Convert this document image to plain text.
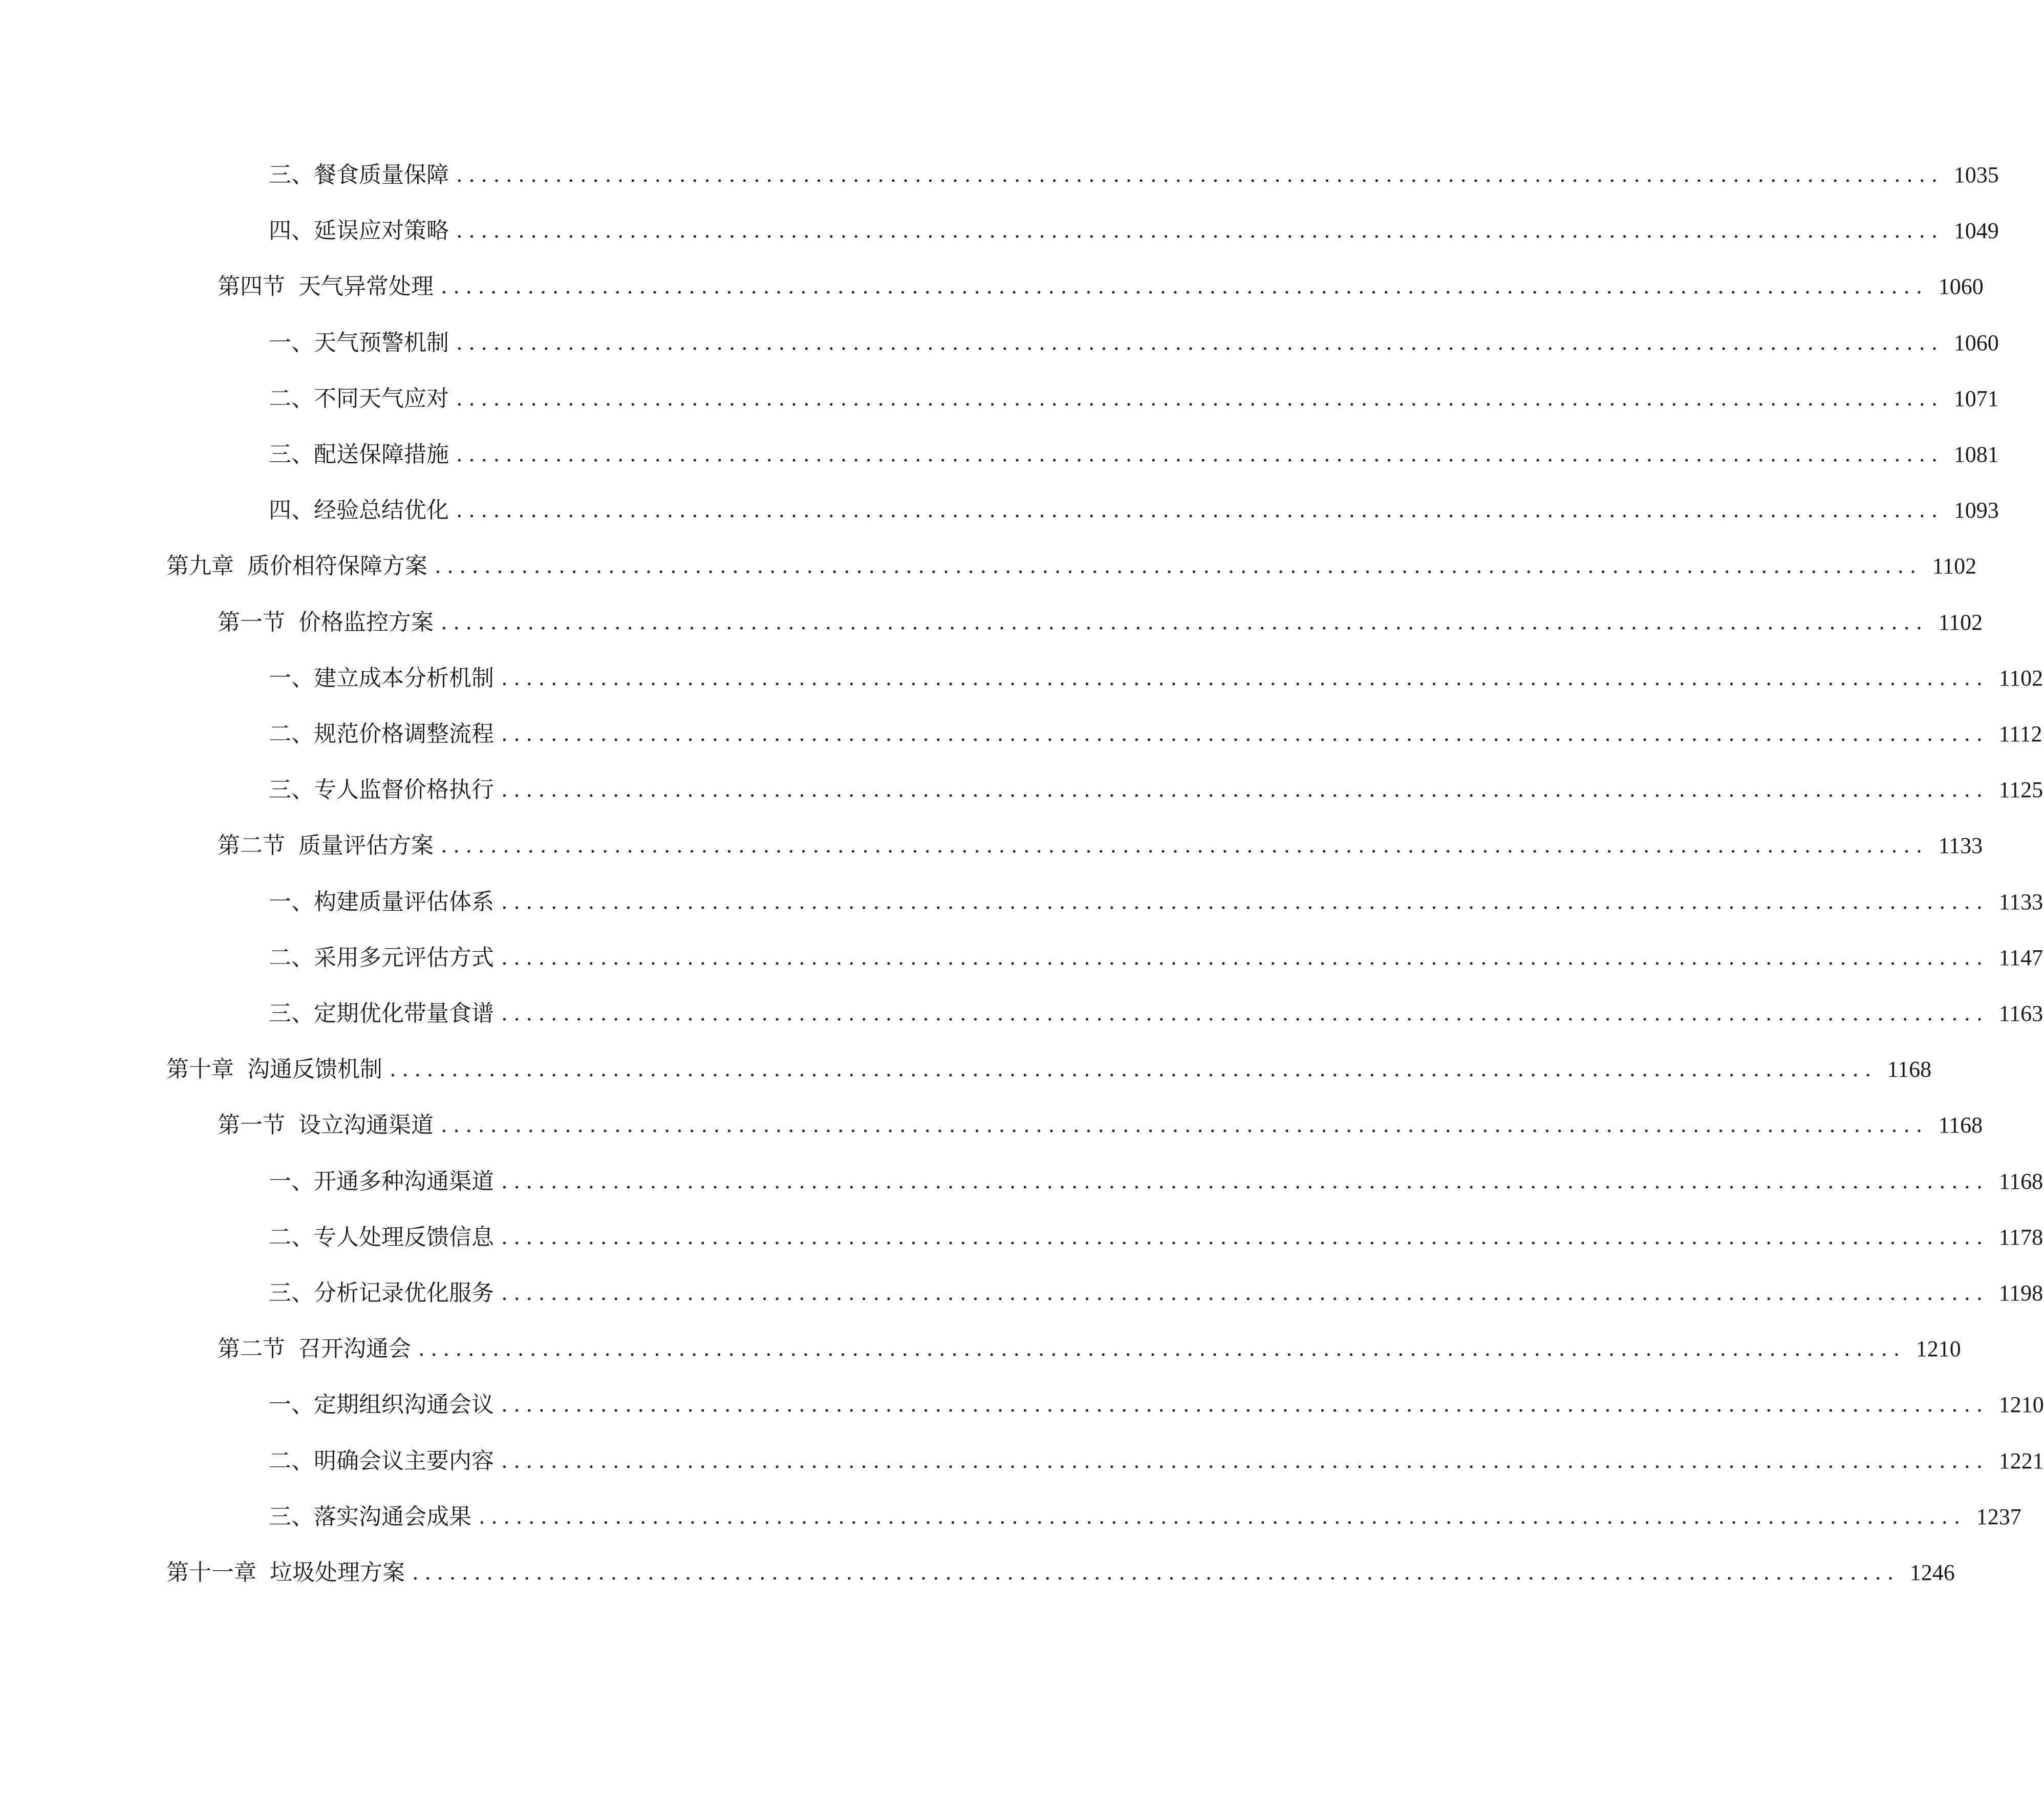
三、 餐食质量保障 ........................................................................................................................ 1035
四、 延误应对策略 ........................................................................................................................ 1049
第四节 天气异常处理 ........................................................................................................................ 1060
一、 天气预警机制 ........................................................................................................................ 1060
二、 不同天气应对 ........................................................................................................................ 1071
三、 配送保障措施 ........................................................................................................................ 1081
四、 经验总结优化 ........................................................................................................................ 1093
第九章 质价相符保障方案 ........................................................................................................................ 1102
第一节 价格监控方案 ........................................................................................................................ 1102
一、 建立成本分析机制 ........................................................................................................................ 1102
二、 规范价格调整流程 ........................................................................................................................ 1112
三、 专人监督价格执行 ........................................................................................................................ 1125
第二节 质量评估方案 ........................................................................................................................ 1133
一、 构建质量评估体系 ........................................................................................................................ 1133
二、 采用多元评估方式 ........................................................................................................................ 1147
三、 定期优化带量食谱 ........................................................................................................................ 1163
第十章 沟通反馈机制 ........................................................................................................................ 1168
第一节 设立沟通渠道 ........................................................................................................................ 1168
一、 开通多种沟通渠道 ........................................................................................................................ 1168
二、 专人处理反馈信息 ........................................................................................................................ 1178
三、 分析记录优化服务 ........................................................................................................................ 1198
第二节 召开沟通会 ........................................................................................................................ 1210
一、 定期组织沟通会议 ........................................................................................................................ 1210
二、 明确会议主要内容 ........................................................................................................................ 1221
三、 落实沟通会成果 ........................................................................................................................ 1237
第十一章 垃圾处理方案 ........................................................................................................................ 1246
